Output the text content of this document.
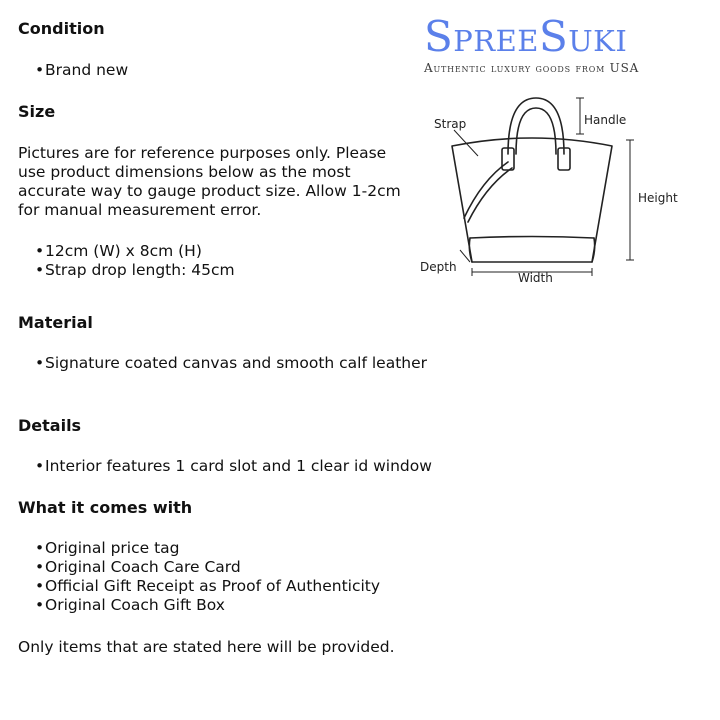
Condition
• Brand new
Size
Pictures are for reference purposes only. Please use product dimensions below as the most accurate way to gauge product size. Allow 1-2cm for manual measurement error.
• 12cm (W) x 8cm (H)
• Strap drop length: 45cm
Material
• Signature coated canvas and smooth calf leather
Details
• Interior features 1 card slot and 1 clear id window
What it comes with
• Original price tag
• Original Coach Care Card
• Official Gift Receipt as Proof of Authenticity
• Original Coach Gift Box
Only items that are stated here will be provided.
SpreeSuki
Authentic luxury goods from USA
Strap	Handle
Height
Depth
Width
